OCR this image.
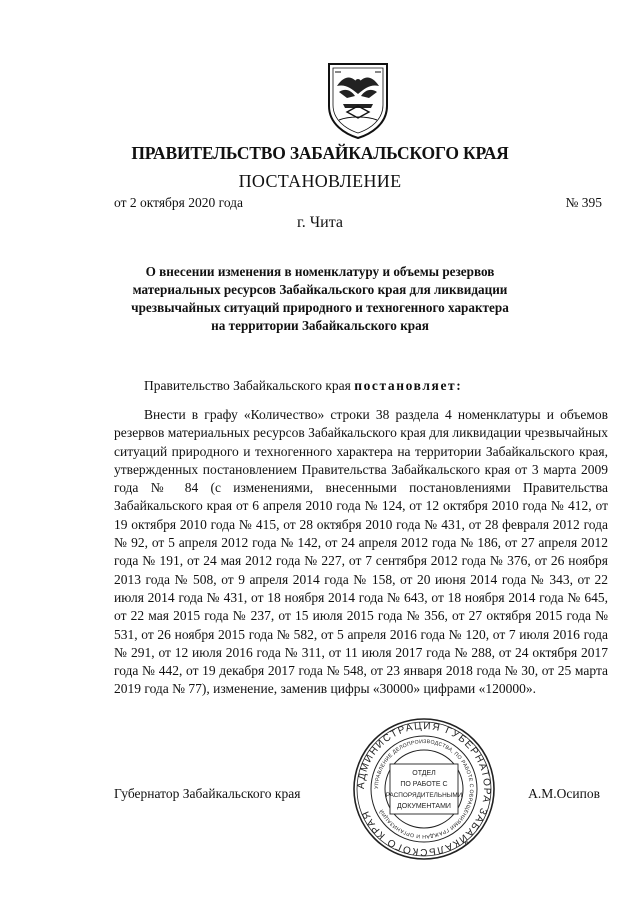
ПРАВИТЕЛЬСТВО ЗАБАЙКАЛЬСКОГО КРАЯ
ПОСТАНОВЛЕНИЕ
от 2 октября 2020 года	№ 395
г. Чита
О внесении изменения в номенклатуру и объемы резервов
материальных ресурсов Забайкальского края для ликвидации
чрезвычайных ситуаций природного и техногенного характера
на территории Забайкальского края
Правительство Забайкальского края постановляет:

Внести в графу «Количество» строки 38 раздела 4 номенклатуры и объемов резервов материальных ресурсов Забайкальского края для ликвидации чрезвычайных ситуаций природного и техногенного характера на территории Забайкальского края, утвержденных постановлением Правительства Забайкальского края от 3 марта 2009 года № 84 (с изменениями, внесенными постановлениями Правительства Забайкальского края от 6 апреля 2010 года № 124, от 12 октября 2010 года № 412, от 19 октября 2010 года № 415, от 28 октября 2010 года № 431, от 28 февраля 2012 года № 92, от 5 апреля 2012 года № 142, от 24 апреля 2012 года № 186, от 27 апреля 2012 года № 191, от 24 мая 2012 года № 227, от 7 сентября 2012 года № 376, от 26 ноября 2013 года № 508, от 9 апреля 2014 года № 158, от 20 июня 2014 года № 343, от 22 июля 2014 года № 431, от 18 ноября 2014 года № 643, от 18 ноября 2014 года № 645, от 22 мая 2015 года № 237, от 15 июля 2015 года № 356, от 27 октября 2015 года № 531, от 26 ноября 2015 года № 582, от 5 апреля 2016 года № 120, от 7 июля 2016 года № 291, от 12 июля 2016 года № 311, от 11 июля 2017 года № 288, от 24 октября 2017 года № 442, от 19 декабря 2017 года № 548, от 23 января 2018 года № 30, от 25 марта 2019 года № 77), изменение, заменив цифры «30000» цифрами «120000».

Губернатор Забайкальского края	А.М.Осипов
АДМИНИСТРАЦИЯ ГУБЕРНАТОРА ЗАБАЙКАЛЬСКОГО КРАЯ
УПРАВЛЕНИЕ ДЕЛОПРОИЗВОДСТВА, ПО РАБОТЕ С ОБРАЩЕНИЯМИ ГРАЖДАН И ОРГАНИЗАЦИЙ
ОТДЕЛ
ПО РАБОТЕ С
РАСПОРЯДИТЕЛЬНЫМИ
ДОКУМЕНТАМИ
